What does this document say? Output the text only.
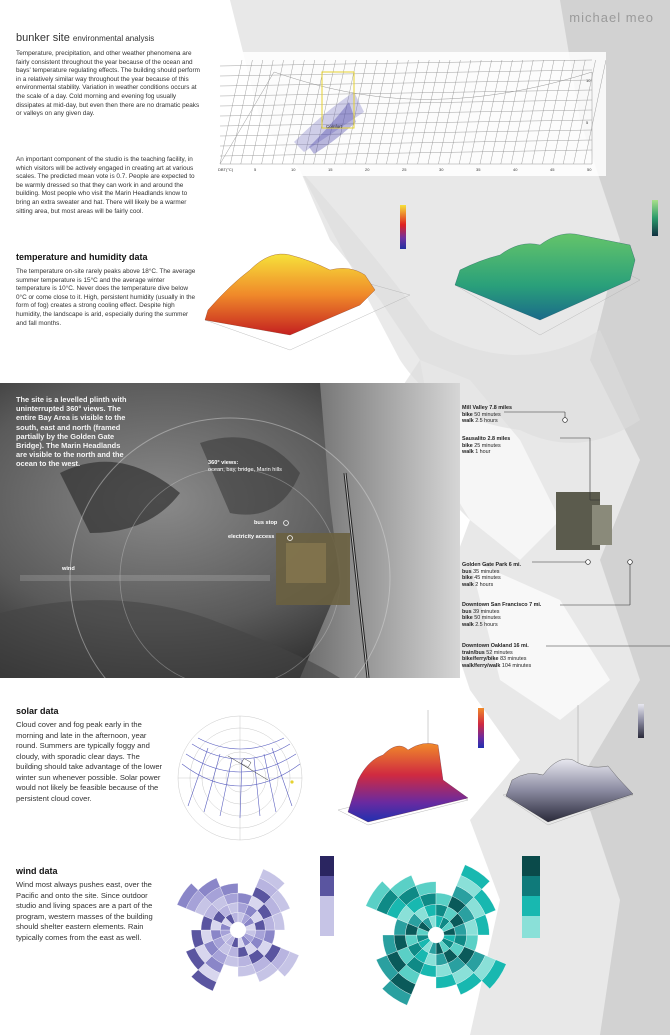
michael meo
bunker site environmental analysis
Temperature, precipitation, and other weather phenomena are fairly consistent throughout the year because of the ocean and bays' temperature regulating effects. The building should perform in a relatively similar way throughout the year because of this environmental stability. Variation in weather conditions occurs at the scale of a day. Cold morning and evening fog usually dissipates at mid-day, but even then there are no dramatic peaks or valleys on any given day.
An important component of the studio is the teaching facility, in which visitors will be actively engaged in creating art at various scales. The predicted mean vote is 0.7. People are expected to be warmly dressed so that they can work in and around the building. Most people who visit the Marin Headlands know to bring an extra sweater and hat. There will likely be a warmer sitting area, but most areas will be fairly cool.
Comfort
DBT(°C)	5	10	15	20	25	30	35	40	45	50
10
5
temperature and humidity data
The temperature on-site rarely peaks above 18°C. The average summer temperature is 15°C and the average winter temperature is 10°C. Never does the temperature dive below 0°C or come close to it. High, persistent humidity (usually in the form of fog) creates a strong cooling effect. Despite high humidity, the landscape is arid, especially during the summer and fall months.
The site is a levelled plinth with uninterrupted 360° views. The entire Bay Area is visible to the south, east and north (framed partially by the Golden Gate Bridge). The Marin Headlands are visible to the north and the ocean to the west.	360° views:
ocean, bay, bridge, Marin hills
bus stop
electricity access
wind
Mill Valley 7.8 miles
bike 50 minutes
walk 2.5 hours
Sausalito 2.8 miles
bike 25 minutes
walk 1 hour
Golden Gate Park 6 mi.
bus 35 minutes
bike 45 minutes
walk 2 hours
Downtown San Francisco 7 mi.
bus 39 minutes
bike 50 minutes
walk 2.5 hours
Downtown Oakland 16 mi.
train/bus 52 minutes
bike/ferry/bike 83 minutes
walk/ferry/walk 104 minutes
solar data
Cloud cover and fog peak early in the morning and late in the afternoon, year round. Summers are typically foggy and cloudy, with sporadic clear days. The building should take advantage of the lower winter sun whenever possible. Solar power would not likely be feasible because of the persistent cloud cover.
wind data
Wind most always pushes east, over the Pacific and onto the site. Since outdoor studio and living spaces are a part of the program, western masses of the building should shelter eastern elements. Rain typically comes from the east as well.
